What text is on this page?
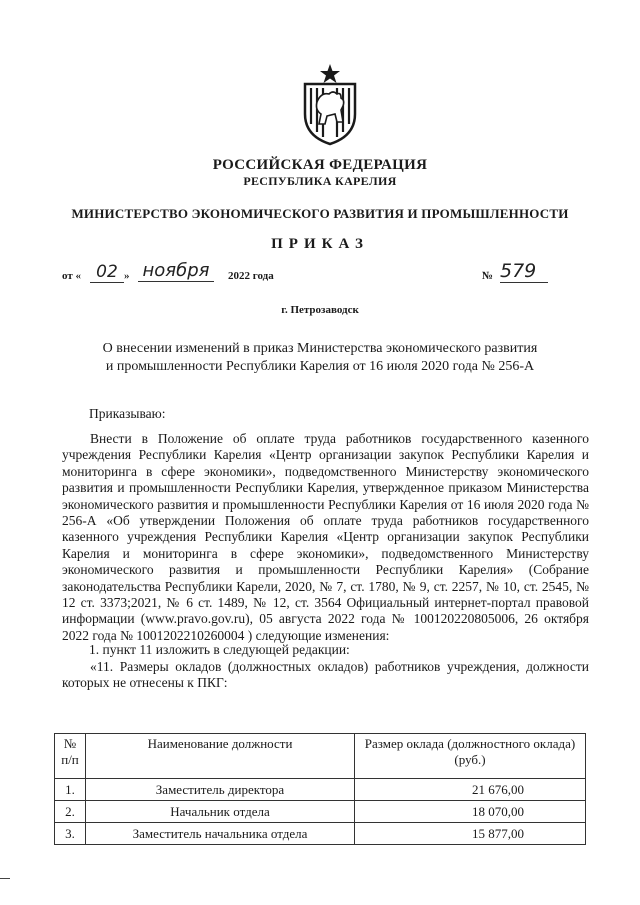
РОССИЙСКАЯ ФЕДЕРАЦИЯ
РЕСПУБЛИКА КАРЕЛИЯ
МИНИСТЕРСТВО ЭКОНОМИЧЕСКОГО РАЗВИТИЯ И ПРОМЫШЛЕННОСТИ
ПРИКАЗ
от « 02 » ноября	2022 года	№ 579
г. Петрозаводск
О внесении изменений в приказ Министерства экономического развития и промышленности Республики Карелия от 16 июля 2020 года № 256-А
Приказываю:
Внести в Положение об оплате труда работников государственного казенного учреждения Республики Карелия «Центр организации закупок Республики Карелия и мониторинга в сфере экономики», подведомственного Министерству экономического развития и промышленности Республики Карелия, утвержденное приказом Министерства экономического развития и промышленности Республики Карелия от 16 июля 2020 года № 256-А «Об утверждении Положения об оплате труда работников государственного казенного учреждения Республики Карелия «Центр организации закупок Республики Карелия и мониторинга в сфере экономики», подведомственного Министерству экономического развития и промышленности Республики Карелия» (Собрание законодательства Республики Карели, 2020, № 7, ст. 1780, № 9, ст. 2257, № 10, ст. 2545, № 12 ст. 3373;2021, № 6 ст. 1489, № 12, ст. 3564 Официальный интернет-портал правовой информации (www.pravo.gov.ru), 05 августа 2022 года № 100120220805006, 26 октября 2022 года № 1001202210260004 ) следующие изменения:
1. пункт 11 изложить в следующей редакции:
«11. Размеры окладов (должностных окладов) работников учреждения, должности которых не отнесены к ПКГ:
№ п/п	Наименование должности	Размер оклада (должностного оклада) (руб.)
1.	Заместитель директора	21 676,00
2.	Начальник отдела	18 070,00
3.	Заместитель начальника отдела	15 877,00
